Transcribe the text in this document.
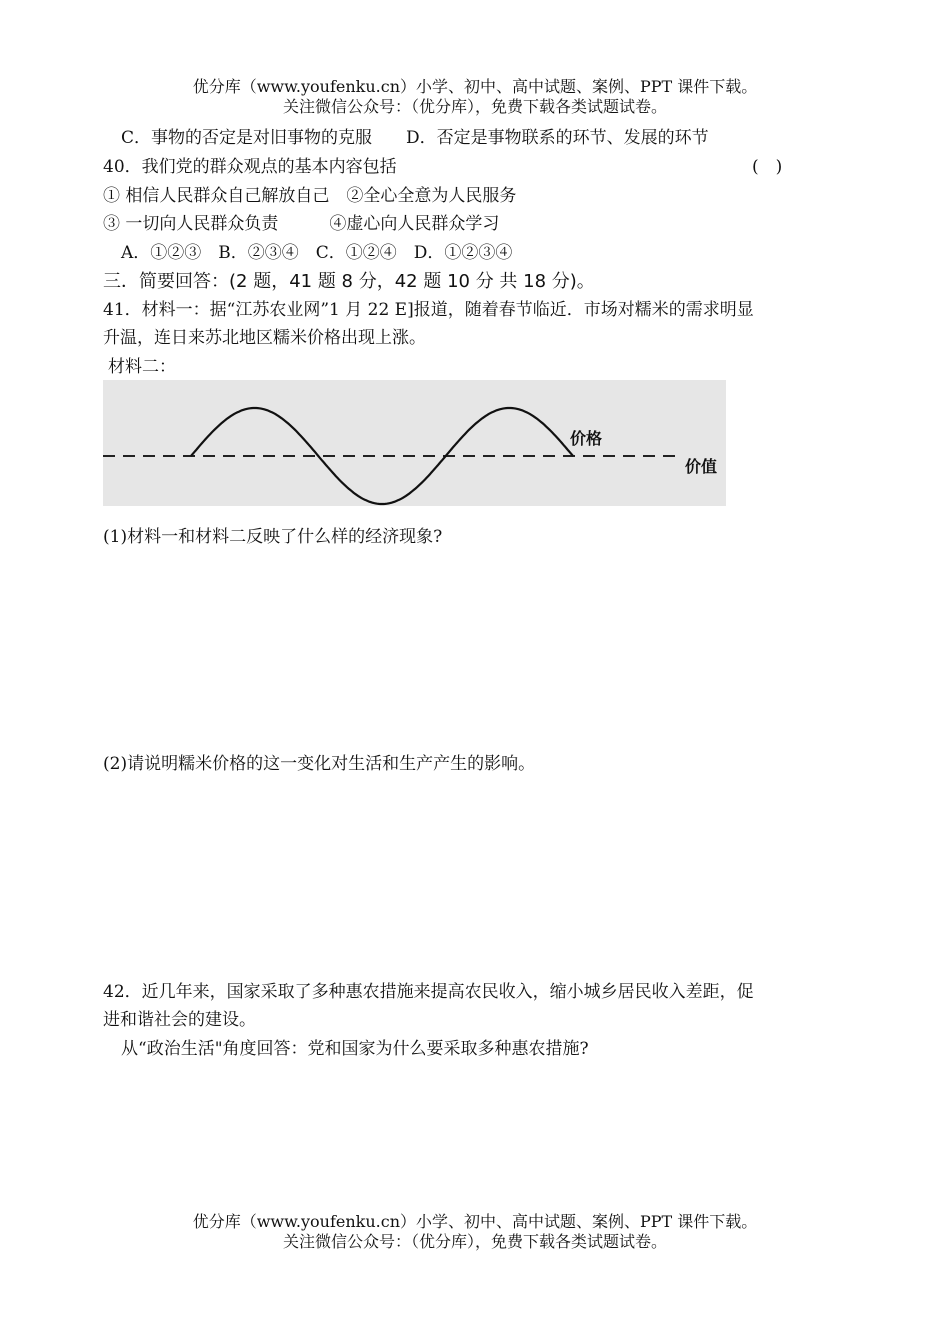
优分库（www.youfenku.cn）小学、初中、高中试题、案例、PPT 课件下载。
关注微信公众号：（优分库），免费下载各类试题试卷。
C．事物的否定是对旧事物的克服　　D．否定是事物联系的环节、发展的环节
40．我们党的群众观点的基本内容包括	(　)
① 相信人民群众自己解放自己　②全心全意为人民服务
③ 一切向人民群众负责　　　④虚心向人民群众学习
A．①②③　B．②③④　C．①②④　D．①②③④
三．简要回答：(2 题，41 题 8 分，42 题 10 分 共 18 分)。
41．材料一：据“江苏农业网”1 月 22 E]报道，随着春节临近．市场对糯米的需求明显
升温，连日来苏北地区糯米价格出现上涨。
材料二：
价格
价值
(1)材料一和材料二反映了什么样的经济现象?
(2)请说明糯米价格的这一变化对生活和生产产生的影响。
42．近几年来，国家采取了多种惠农措施来提高农民收入，缩小城乡居民收入差距，促
进和谐社会的建设。
从“政治生活"角度回答：党和国家为什么要采取多种惠农措施?
优分库（www.youfenku.cn）小学、初中、高中试题、案例、PPT 课件下载。
关注微信公众号：（优分库），免费下载各类试题试卷。
